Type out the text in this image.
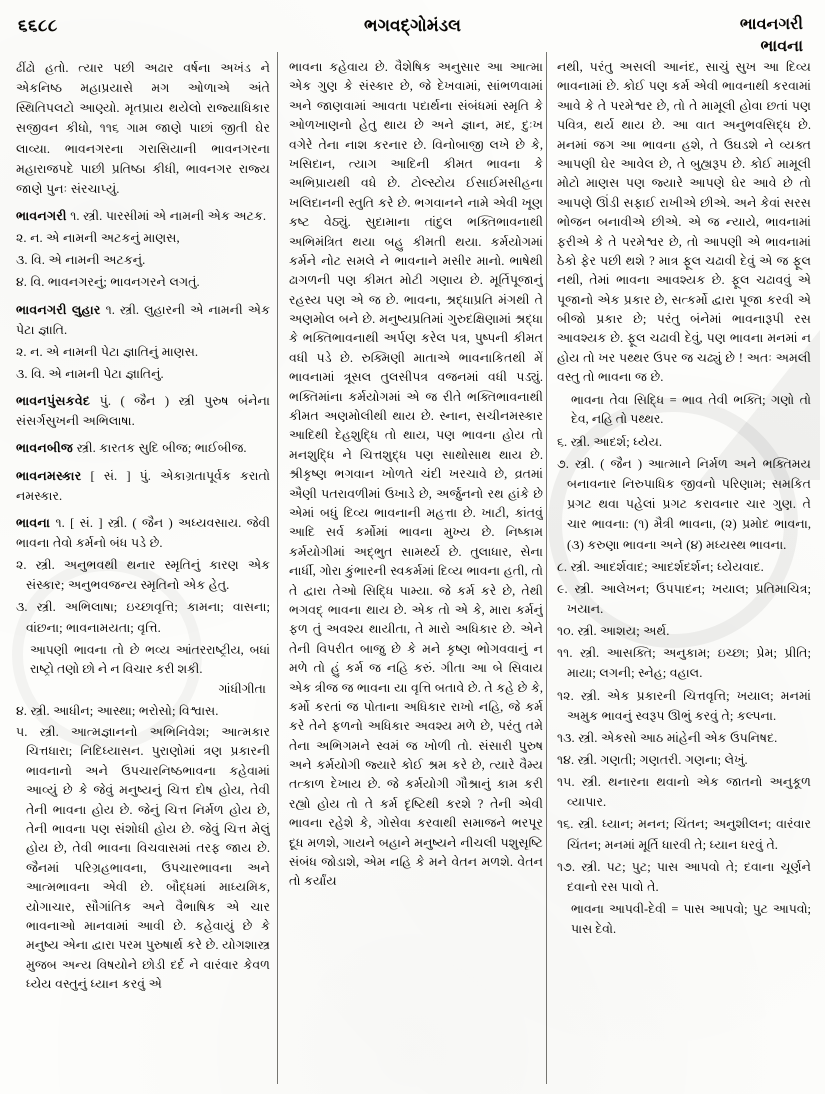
૬૬૮૮	ભગવદ્ગોમંડલ	ભાવનગરી
ભાવના

ઢીંઢો હતો. ત્યાર પછી અઢાર વર્ષના અખંડ ને એકનિષ્ઠ મહાપ્રયાસે મગ ઓળાએ અંતે સ્થિતિપલટો આણ્યો. મૃતપ્રાય થયેલો રાજ્યાધિકાર સજીવન કીધો, ૧૧૬ ગામ જાણે પાછાં જીતી ઘેર લાવ્યા. ભાવનગરના ગરાસિયાની ભાવનગરના મહારાજપદે પાછી પ્રતિષ્ઠા કીધી, ભાવનગર રાજ્ય જાણે પુનઃ સંરચાપ્યું.

ભાવનગરી ૧. સ્ત્રી. પારસીમાં એ નામની એક અટક.

૨. ન. એ નામની અટકનું માણસ,

૩. વિ. એ નામની અટકનું.

૪. વિ. ભાવનગરનું; ભાવનગરને લગતું.

ભાવનગરી લુહાર ૧. સ્ત્રી. લુહારની એ નામની એક પેટા જ્ઞાતિ.

૨. ન. એ નામની પેટા જ્ઞાતિનું માણસ.

૩. વિ. એ નામની પેટા જ્ઞાતિનું.

ભાવનપુંસકવેદ પું. ( જૈન ) સ્ત્રી પુરુષ બંનેના સંસર્ગસુખની અભિલાષા.

ભાવનબીજ સ્ત્રી. કારતક સુદિ બીજ; ભાઈબીજ.

ભાવનમસ્કાર [ સં. ] પું. એકાગ્રતાપૂર્વક કરાતો નમસ્કાર.

ભાવના ૧. [ સં. ] સ્ત્રી. ( જૈન ) અધ્યવસાય. જેવી ભાવના તેવો કર્મનો બંધ પડે છે.

૨. સ્ત્રી. અનુભવથી થનાર સ્મૃતિનું કારણ એક સંસ્કાર; અનુભવજન્ય સ્મૃતિનો એક હેતુ.

૩. સ્ત્રી. અભિલાષા; ઇચ્છાવૃત્તિ; કામના; વાસના; વાંછના; ભાવનામયતા; વૃત્તિ.

આપણી ભાવના તો છે ભવ્ય આંતરરાષ્ટ્રીય, બધાં રાષ્ટ્રો તણો છો ને ન વિચાર કરી શકી.

ગાંધીગીતા

૪. સ્ત્રી. આધીન; આસ્થા; ભરોસો; વિશ્વાસ.

૫. સ્ત્રી. આત્મજ્ઞાનનો અભિનિવેશ; આત્મકાર ચિત્તધારા; નિદિધ્યાસન. પુરાણોમાં ત્રણ પ્રકારની ભાવનાનો અને ઉપચારનિષ્ઠભાવના કહેવામાં આવ્યું છે કે જેવું મનુષ્યનું ચિત્ત દોષ હોય, તેવી તેની ભાવના હોય છે. જેનું ચિત્ત નિર્મળ હોય છે, તેની ભાવના પણ સંશોધી હોય છે. જેવું ચિત્ત મેલું હોય છે, તેવી ભાવના વિચવાસમાં તરફ જાય છે. જૈનમાં પરિગ્રહભાવના, ઉપચારભાવના અને આત્મભાવના એવી છે. બૌદ્ધમાં માધ્યમિક, યોગાચાર, સૌગાંતિક અને વૈભાષિક એ ચાર ભાવનાઓ માનવામાં આવી છે. કહેવાયું છે કે મનુષ્ય એના દ્વારા પરમ પુરુષાર્થ કરે છે. યોગશાસ્ત્ર મુજબ અન્ય વિષયોને છોડી દર્દ ને વારંવાર કેવળ ધ્યેય વસ્તુનું ધ્યાન કરવું એ

ભાવના કહેવાય છે. વૈશેષિક અનુસાર આ આત્મા એક ગુણ કે સંસ્કાર છે, જે દેખવામાં, સાંભળવામાં અને જાણવામાં આવતા પદાર્થના સંબંધમાં સ્મૃતિ કે ઓળખાણનો હેતુ થાય છે અને જ્ઞાન, મદ, દુઃખ વગેરે તેના નાશ કરનાર છે. વિનોબાજી લખે છે કે, ખસિદાન, ત્યાગ આદિની કીમત ભાવના કે અભિપ્રાયથી વધે છે. ટોલ્સ્ટોય ઈસાઈમસીહના ખલિદાનની સ્તુતિ કરે છે. ભગવાનને નામે એવી ખૂણ કષ્ટ વેઠ્યું. સુદામાના તાંદુલ ભક્તિભાવનાથી અભિમંત્રિત થયા બહુ કીમતી થયા. કર્મયોગમાં કર્મને નોટ સમલે ને ભાવનાને મસીર માનો. ભાષેથી ઢાગળની પણ કીમત મોટી ગણાય છે. મૂર્તિપૂજાનું રહસ્ય પણ એ જ છે. ભાવના, શ્રદ્ધાપ્રતિ મંગથી તે અણમોલ બને છે. મનુષ્યપ્રતિમાં ગુરુદક્ષિણામાં શ્રદ્ધા કે ભક્તિભાવનાથી અર્પણ કરેલ પત્ર, પુષ્પની કીમત વધી પડે છે. રુક્મિણી માતાએ ભાવનાકિતથી મેં ભાવનામાં ત્રૂસલ તુલસીપત્ર વજનમાં વધી પડ્યું. ભક્તિમાંના કર્મયોગમાં એ જ રીતે ભક્તિભાવનાથી કીમત અણમોલીથી થાય છે. સ્નાન, સચીનમસ્કાર આદિથી દેહશુદ્ધિ તો થાય, પણ ભાવના હોય તો મનશુદ્ધિ ને ચિત્તશુદ્ધ પણ સાથોસાથ થાય છે. શ્રીકૃષ્ણ ભગવાન ખોળતે ચંદી ખરચાવે છે, વ્રતમાં ઐણી પતરાવળીમાં ઉખાડે છે, અર્જુનનો રથ હાંકે છે એમાં બધું દિવ્ય ભાવનાની મહત્તા છે. ખાટી, કાંતવું આદિ સર્વ કર્મોમાં ભાવના મુખ્ય છે. નિષ્કામ કર્મયોગીમાં અદ્ભુત સામર્થ્ય છે. તુલાધાર, સેના નાર્ધી, ગોરા કુંભારની સ્વકર્મમાં દિવ્ય ભાવના હતી, તો તે દ્વારા તેઓ સિદ્ધિ પામ્યા. જે કર્મ કરે છે, તેથી ભગવદ્ ભાવના થાય છે. એક તો એ કે, મારા કર્મનું ફળ તું અવશ્ય થાયીતા, તે મારો અધિકાર છે. એને તેની વિપરીત બાજુ છે કે મને કૃષ્ણ ભોગવવાનું ન મળે તો હું કર્મ જ નહિ કરું. ગીતા આ બે સિવાય એક ત્રીજ જ ભાવના યા વૃત્તિ બતાવે છે. તે કહે છે કે, કર્મો કરતાં જ પોતાના અધિકાર રાખો નહિ, જે કર્મ કરે તેને ફળનો અધિકાર અવશ્ય મળે છે, પરંતુ તમે તેના અભિગમને સ્વમં જ ખોળી તો. સંસારી પુરુષ અને કર્મયોગી જ્યારે કોઈ શ્રમ કરે છે, ત્યારે વૈમ્ય તત્કાળ દેખાય છે. જે કર્મયોગી ગૌશ્રાનું કામ કરી રહ્યો હોય તો તે કર્મ દૃષ્ટિથી કરશે ? તેની એવી ભાવના રહેશે કે, ગોસેવા કરવાથી સમાજને ભરપૂર દૂધ મળશે, ગાયને બહાને મનુષ્યને નીચલી પશુસૃષ્ટિ સંબંધ જોડાશે, એમ નહિ કે મને વેતન મળશે. વેતન તો કર્યાંય

નથી, પરંતુ અસલી આનંદ, સાચું સુખ આ દિવ્ય ભાવનામાં છે. કોઈ પણ કર્મ એવી ભાવનાથી કરવામાં આવે કે તે પરમેશ્વર છે, તો તે મામૂલી હોવા છતાં પણ પવિત્ર, થર્ય થાય છે. આ વાત અનુભવસિદ્ધ છે. મનમાં જગ આ ભાવના હશે, તે ઉઘડશે ને વ્યક્ત આપણી ઘેર આવેલ છે, તે બુહ્યરૂપ છે. કોઈ મામૂલી મોટો માણસ પણ જ્યારે આપણે ઘેર આવે છે તો આપણે ઊંડી સફાઈ રાખીએ છીએ. અને કેવાં સરસ ભોજન બનાવીએ છીએ. એ જ ન્યાયે, ભાવનામાં ફરીએ કે તે પરમેશ્વર છે, તો આપણી એ ભાવનામાં ઠેકો ફેર પછી થશે ? માત્ર ફૂલ ચઢાવી દેવું એ જ ફૂલ નથી, તેમાં ભાવના આવશ્યક છે. ફૂલ ચઢાવવું એ પૂજાનો એક પ્રકાર છે, સત્કર્મો દ્વારા પૂજા કરવી એ બીજો પ્રકાર છે; પરંતુ બંનેમાં ભાવનારૂપી રસ આવશ્યક છે. ફૂલ ચઢાવી દેવું, પણ ભાવના મનમાં ન હોય તો ખર પથ્થર ઉપર જ ચઢ્યું છે ! અતઃ અમલી વસ્તુ તો ભાવના જ છે.

ભાવના તેવા સિદ્ધિ = ભાવ તેવી ભક્તિ; ગણો તો દેવ, નહિ તો પથ્થર.

૬. સ્ત્રી. આદર્શ; ધ્યેય.

૭. સ્ત્રી. ( જૈન ) આત્માને નિર્મળ અને ભક્તિમય બનાવનાર નિરુપાધિક જીવનો પરિણામ; સમકિત પ્રગટ થવા પહેલાં પ્રગટ કરાવનાર ચાર ગુણ. તે ચાર ભાવના: (૧) મૈત્રી ભાવના, (૨) પ્રમોદ ભાવના, (૩) કરુણા ભાવના અને (૪) મધ્યસ્થ ભાવના.

૮. સ્ત્રી. આદર્શવાદ; આદર્શદર્શન; ધ્યેયવાદ.

૯. સ્ત્રી. આલેખન; ઉપપાદન; ખયાલ; પ્રતિમાચિત્ર; ખયાન.

૧૦. સ્ત્રી. આશય; અર્થ.

૧૧. સ્ત્રી. આસક્તિ; અનુકામ; ઇચ્છા; પ્રેમ; પ્રીતિ; માયા; લગની; સ્નેહ; વહાલ.

૧૨. સ્ત્રી. એક પ્રકારની ચિત્તવૃત્તિ; ખયાલ; મનમાં અમુક ભાવનું સ્વરૂપ ઊભું કરવું તે; કલ્પના.

૧૩. સ્ત્રી. એકસો આઠ માંહેની એક ઉપનિષદ.

૧૪. સ્ત્રી. ગણતી; ગણતરી. ગણના; લેખું.

૧૫. સ્ત્રી. થનારના થવાનો એક જાતનો અનુકૂળ વ્યાપાર.

૧૬. સ્ત્રી. ધ્યાન; મનન; ચિંતન; અનુશીલન; વારંવાર ચિંતન; મનમાં મૂર્તિ ધારવી તે; ધ્યાન ધરવું તે.

૧૭. સ્ત્રી. પટ; પુટ; પાસ આપવો તે; દવાના ચૂર્ણને દવાનો રસ પાવો તે.

ભાવના આપવી-દેવી = પાસ આપવો; પુટ આપવો; પાસ દેવો.
